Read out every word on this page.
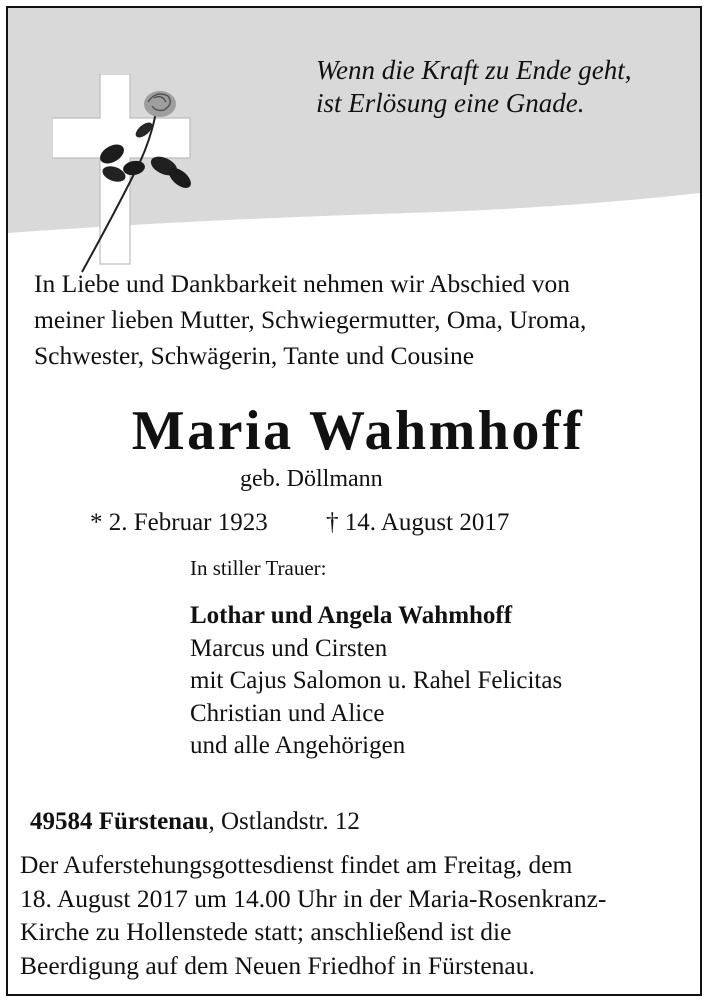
Wenn die Kraft zu Ende geht,
ist Erlösung eine Gnade.
In Liebe und Dankbarkeit nehmen wir Abschied von
meiner lieben Mutter, Schwiegermutter, Oma, Uroma,
Schwester, Schwägerin, Tante und Cousine
Maria Wahmhoff
geb. Döllmann
* 2. Februar 1923 † 14. August 2017
In stiller Trauer:
Lothar und Angela Wahmhoff
Marcus und Cirsten
mit Cajus Salomon u. Rahel Felicitas
Christian und Alice
und alle Angehörigen
49584 Fürstenau, Ostlandstr. 12
Der Auferstehungsgottesdienst findet am Freitag, dem
18. August 2017 um 14.00 Uhr in der Maria-Rosenkranz-
Kirche zu Hollenstede statt; anschließend ist die
Beerdigung auf dem Neuen Friedhof in Fürstenau.
